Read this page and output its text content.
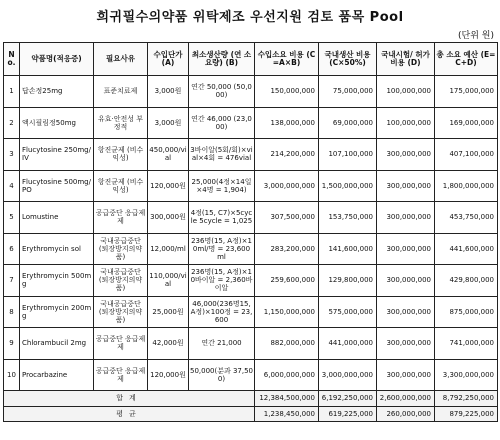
희귀필수의약품 위탁제조 우선지원 검토 품목 Pool
(단위 원)
No.	약품명(적응증)	필요사유	수입단가 (A)	최소생산량 (연 소요량) (B)	수입소요 비용 (C=A×B)	국내생산 비용 (C×50%)	국내시험/ 허가비용 (D)	총 소요 예산 (E=C+D)
1	답손정25mg	표준치료제	3,000원	연간 50,000 (50,000)	150,000,000	75,000,000	100,000,000	175,000,000
2	액시필림정50mg	유효·안전성 부정적	3,000원	연간 46,000 (23,000)	138,000,000	69,000,000	100,000,000	169,000,000
3	Flucytosine 250mg/IV	항진균제 (비수익성)	450,000/vial	3바이알(5회/회)×vial×4회 = 476vial	214,200,000	107,100,000	300,000,000	407,100,000
4	Flucytosine 500mg/PO	항진균제 (비수익성)	120,000원	25,000(4정×14일 ×4명 = 1,904)	3,000,000,000	1,500,000,000	300,000,000	1,800,000,000
5	Lomustine	공급중단 응급제제	300,000원	4정(15, C7)×5cycle 5cycle = 1,025	307,500,000	153,750,000	300,000,000	453,750,000
6	Erythromycin sol	국내공급중단 (퇴장방지의약품)	12,000/ml	236명(15, A정)×10ml/명 = 23,600ml	283,200,000	141,600,000	300,000,000	441,600,000
7	Erythromycin 500mg	국내공급중단 (퇴장방지의약품)	110,000/vial	236명(15, A정)×10바이알 = 2,360바이알	259,600,000	129,800,000	300,000,000	429,800,000
8	Erythromycin 200mg	국내공급중단 (퇴장방지의약품)	25,000원	46,000(236명15, A정)×100정 = 23,600	1,150,000,000	575,000,000	300,000,000	875,000,000
9	Chlorambucil 2mg	공급중단 응급제제	42,000원	연간 21,000	882,000,000	441,000,000	300,000,000	741,000,000
10	Procarbazine	공급중단 응급제제	120,000원	50,000(분과 37,500)	6,000,000,000	3,000,000,000	300,000,000	3,300,000,000
합계					12,384,500,000	6,192,250,000	2,600,000,000	8,792,250,000
평균					1,238,450,000	619,225,000	260,000,000	879,225,000
